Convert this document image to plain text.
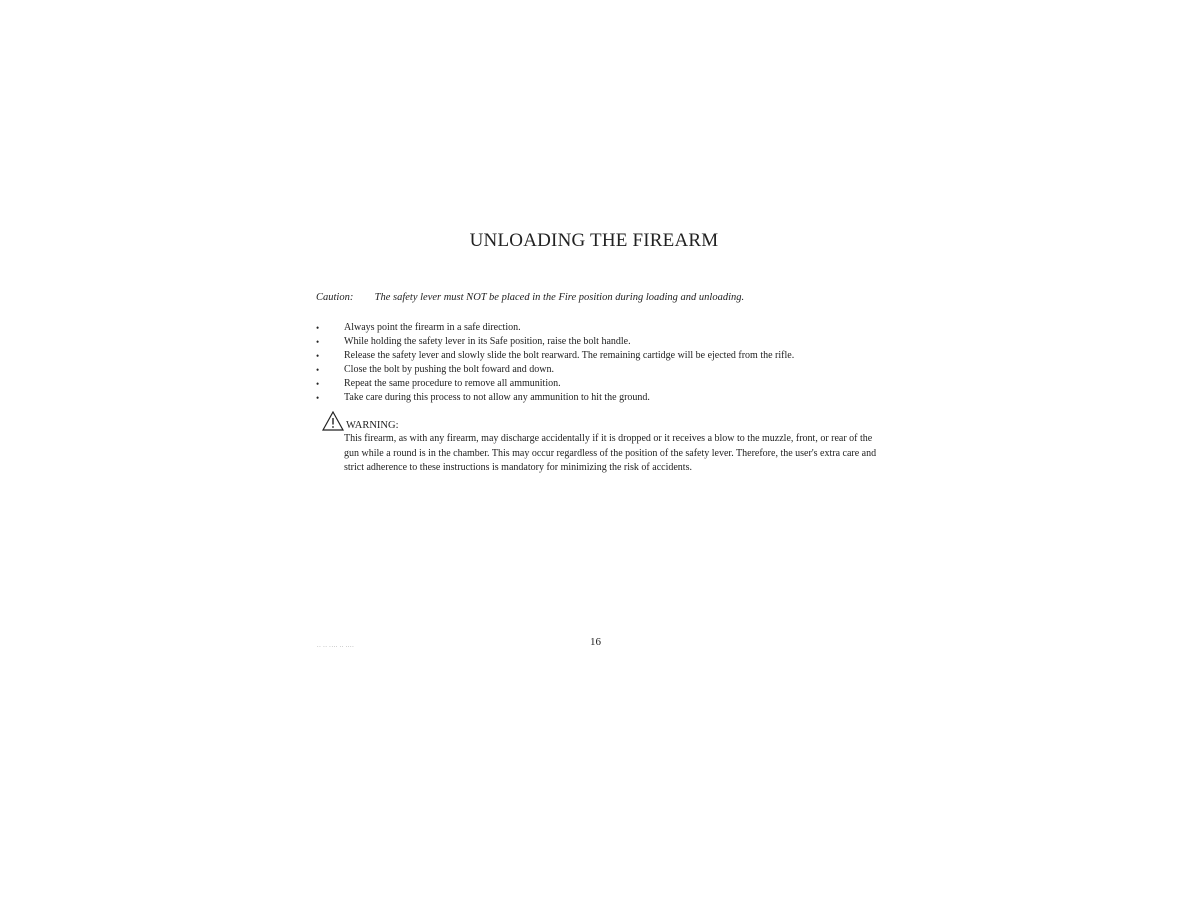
UNLOADING THE FIREARM
Caution: The safety lever must NOT be placed in the Fire position during loading and unloading.
• Always point the firearm in a safe direction.
• While holding the safety lever in its Safe position, raise the bolt handle.
• Release the safety lever and slowly slide the bolt rearward. The remaining cartidge will be ejected from the rifle.
• Close the bolt by pushing the bolt foward and down.
• Repeat the same procedure to remove all ammunition.
• Take care during this process to not allow any ammunition to hit the ground.
WARNING:
This firearm, as with any firearm, may discharge accidentally if it is dropped or it receives a blow to the muzzle, front, or rear of the gun while a round is in the chamber. This may occur regardless of the position of the safety lever. Therefore, the user's extra care and strict adherence to these instructions is mandatory for minimizing the risk of accidents.
16
·· ·· ···· ·· ····
